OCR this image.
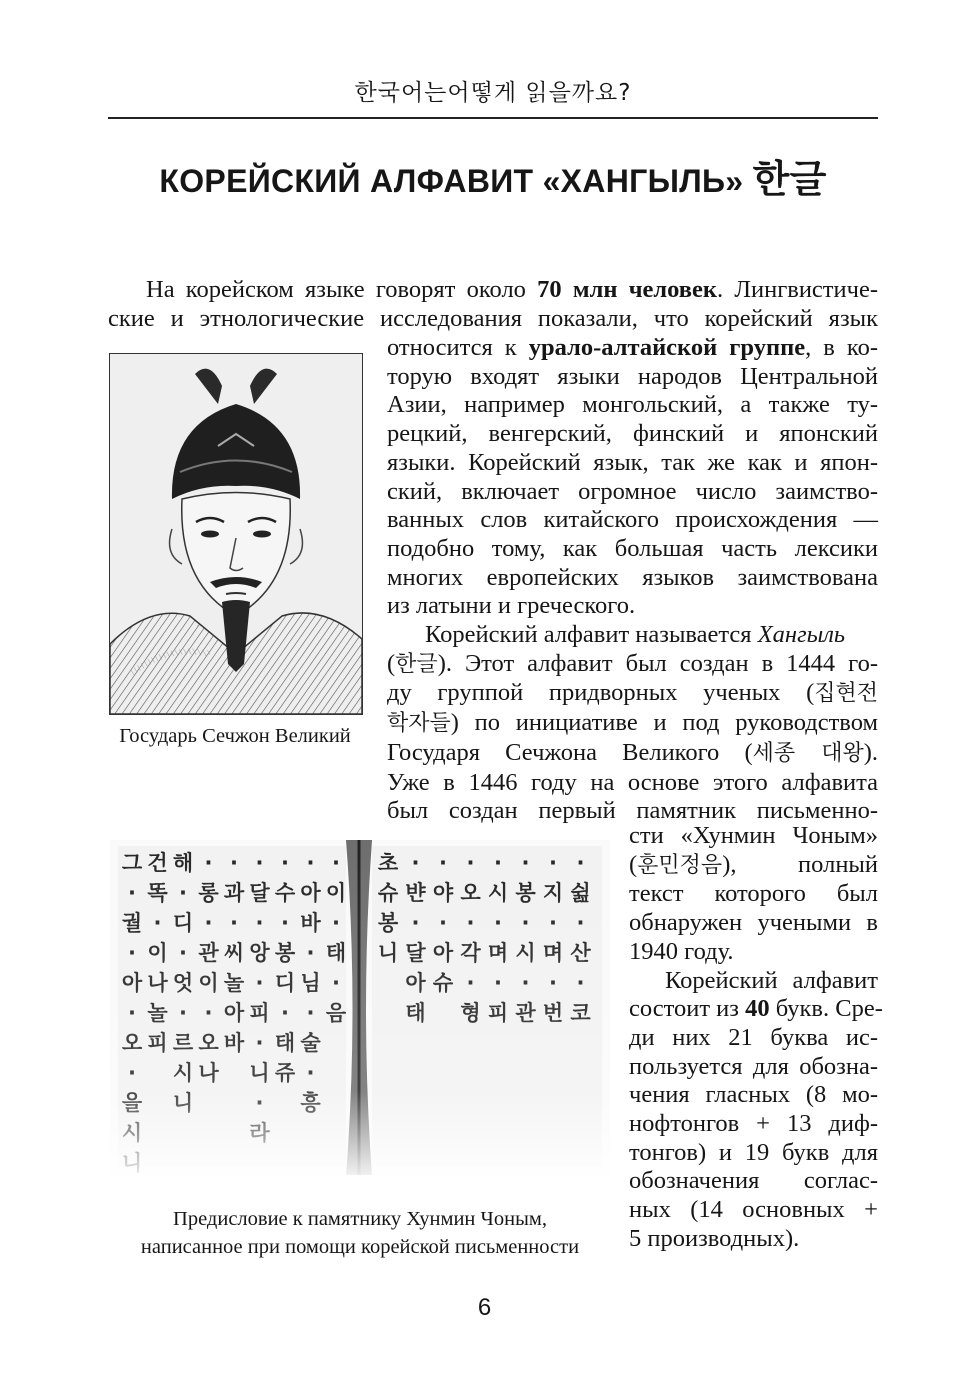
한국어는어떻게 읽을까요?
КОРЕЙСКИЙ АЛФАВИТ «ХАНГЫЛЬ» 한글
На корейском языке говорят около 70 млн человек. Лингвистиче-
ские и этнологические исследования показали, что корейский язык
Государь Сечжон Великий
относится к урало-алтайской группе, в ко-
торую входят языки народов Центральной
Азии, например монгольский, а также ту-
рецкий, венгерский, финский и японский
языки. Корейский язык, так же как и япон-
ский, включает огромное число заимство-
ванных слов китайского происхождения —
подобно тому, как большая часть лексики
многих европейских языков заимствована
из латыни и греческого.
Корейский алфавит называется Хангыль
(한글). Этот алфавит был создан в 1444 го-
ду группой придворных ученых (집현전
학자들) по инициативе и под руководством
Государя Сечжона Великого (세종 대왕).
Уже в 1446 году на основе этого алфавита
был создан первый памятник письменно-
сти «Хунмин Чоным»
(훈민정음), полный
текст которого был
обнаружен учеными в
1940 году.
Корейский алфавит
состоит из 40 букв. Сре-
ди них 21 буква ис-
пользуется для обозна-
чения гласных (8 мо-
нофтонгов + 13 диф-
тонгов) и 19 букв для
обозначения соглас-
ных (14 основных +
5 производных).
Предисловие к памятнику Хунмин Чоным,
написанное при помощи корейской письменности
6
